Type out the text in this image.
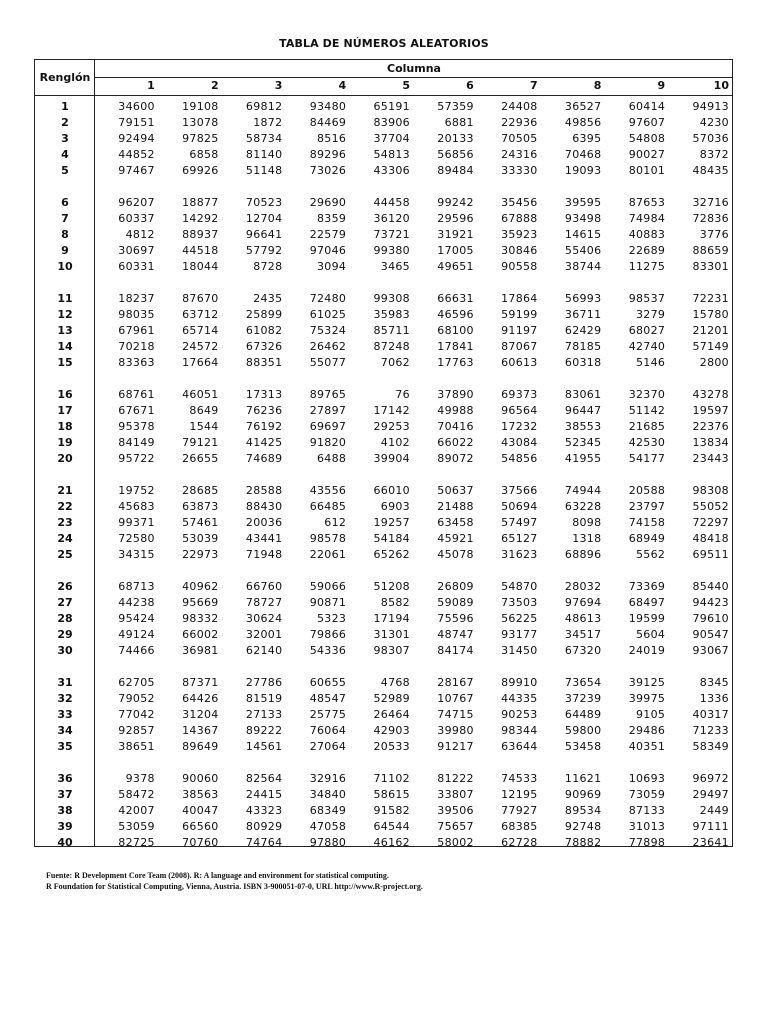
TABLA DE NÚMEROS ALEATORIOS
Renglón
Columna
1	2	3	4	5	6	7	8	9	10
1	34600	19108	69812	93480	65191	57359	24408	36527	60414	94913
2	79151	13078	1872	84469	83906	6881	22936	49856	97607	4230
3	92494	97825	58734	8516	37704	20133	70505	6395	54808	57036
4	44852	6858	81140	89296	54813	56856	24316	70468	90027	8372
5	97467	69926	51148	73026	43306	89484	33330	19093	80101	48435
6	96207	18877	70523	29690	44458	99242	35456	39595	87653	32716
7	60337	14292	12704	8359	36120	29596	67888	93498	74984	72836
8	4812	88937	96641	22579	73721	31921	35923	14615	40883	3776
9	30697	44518	57792	97046	99380	17005	30846	55406	22689	88659
10	60331	18044	8728	3094	3465	49651	90558	38744	11275	83301
11	18237	87670	2435	72480	99308	66631	17864	56993	98537	72231
12	98035	63712	25899	61025	35983	46596	59199	36711	3279	15780
13	67961	65714	61082	75324	85711	68100	91197	62429	68027	21201
14	70218	24572	67326	26462	87248	17841	87067	78185	42740	57149
15	83363	17664	88351	55077	7062	17763	60613	60318	5146	2800
16	68761	46051	17313	89765	76	37890	69373	83061	32370	43278
17	67671	8649	76236	27897	17142	49988	96564	96447	51142	19597
18	95378	1544	76192	69697	29253	70416	17232	38553	21685	22376
19	84149	79121	41425	91820	4102	66022	43084	52345	42530	13834
20	95722	26655	74689	6488	39904	89072	54856	41955	54177	23443
21	19752	28685	28588	43556	66010	50637	37566	74944	20588	98308
22	45683	63873	88430	66485	6903	21488	50694	63228	23797	55052
23	99371	57461	20036	612	19257	63458	57497	8098	74158	72297
24	72580	53039	43441	98578	54184	45921	65127	1318	68949	48418
25	34315	22973	71948	22061	65262	45078	31623	68896	5562	69511
26	68713	40962	66760	59066	51208	26809	54870	28032	73369	85440
27	44238	95669	78727	90871	8582	59089	73503	97694	68497	94423
28	95424	98332	30624	5323	17194	75596	56225	48613	19599	79610
29	49124	66002	32001	79866	31301	48747	93177	34517	5604	90547
30	74466	36981	62140	54336	98307	84174	31450	67320	24019	93067
31	62705	87371	27786	60655	4768	28167	89910	73654	39125	8345
32	79052	64426	81519	48547	52989	10767	44335	37239	39975	1336
33	77042	31204	27133	25775	26464	74715	90253	64489	9105	40317
34	92857	14367	89222	76064	42903	39980	98344	59800	29486	71233
35	38651	89649	14561	27064	20533	91217	63644	53458	40351	58349
36	9378	90060	82564	32916	71102	81222	74533	11621	10693	96972
37	58472	38563	24415	34840	58615	33807	12195	90969	73059	29497
38	42007	40047	43323	68349	91582	39506	77927	89534	87133	2449
39	53059	66560	80929	47058	64544	75657	68385	92748	31013	97111
40	82725	70760	74764	97880	46162	58002	62728	78882	77898	23641
Fuente: R Development Core Team (2008). R: A language and environment for statistical computing.
R Foundation for Statistical Computing, Vienna, Austria. ISBN 3-900051-07-0, URL http://www.R-project.org.
